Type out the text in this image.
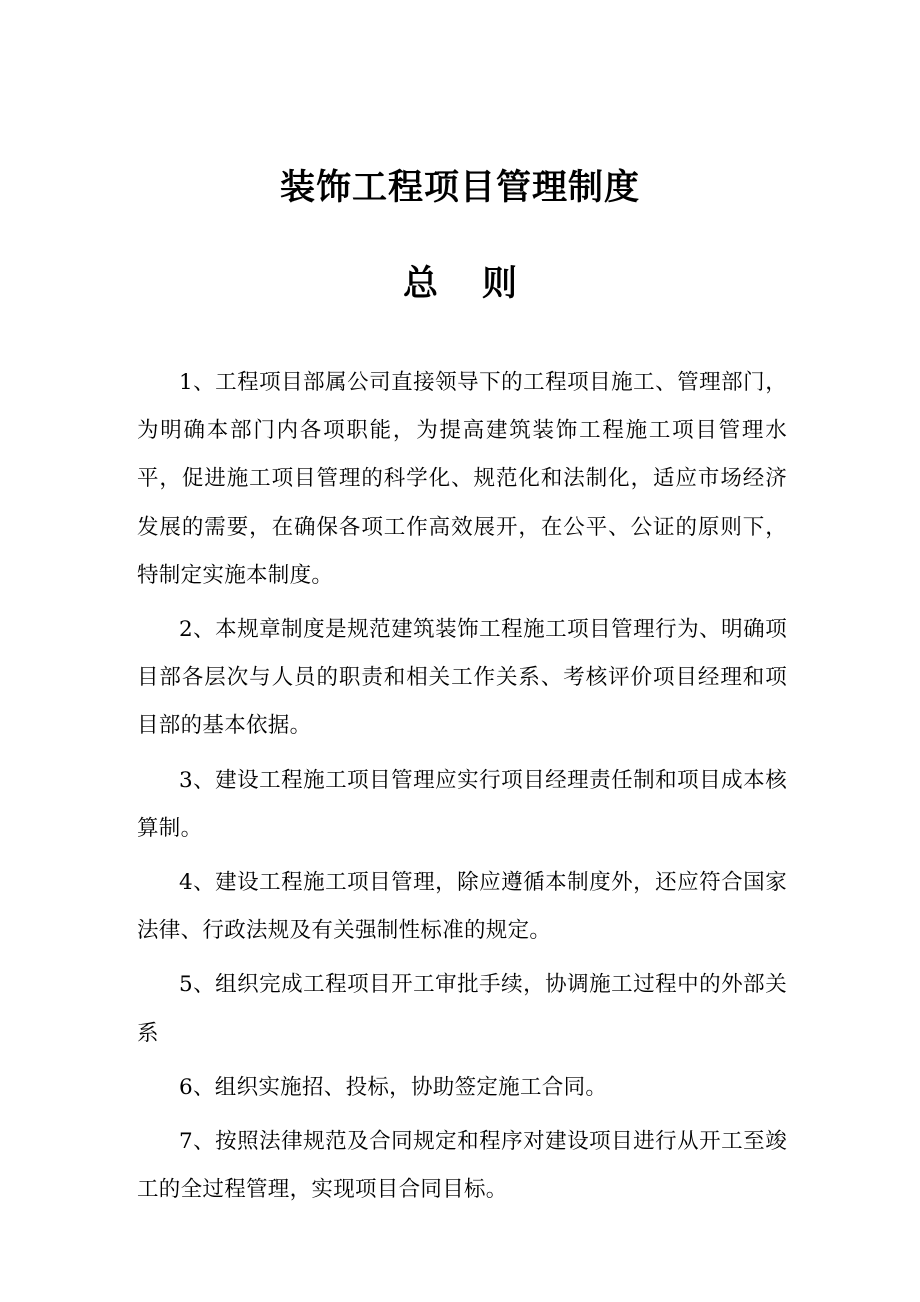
装饰工程项目管理制度
总 则

1、工程项目部属公司直接领导下的工程项目施工、管理部门，为明确本部门内各项职能，为提高建筑装饰工程施工项目管理水平，促进施工项目管理的科学化、规范化和法制化，适应市场经济发展的需要，在确保各项工作高效展开，在公平、公证的原则下，特制定实施本制度。

2、本规章制度是规范建筑装饰工程施工项目管理行为、明确项目部各层次与人员的职责和相关工作关系、考核评价项目经理和项目部的基本依据。

3、建设工程施工项目管理应实行项目经理责任制和项目成本核算制。

4、建设工程施工项目管理，除应遵循本制度外，还应符合国家法律、行政法规及有关强制性标准的规定。

5、组织完成工程项目开工审批手续，协调施工过程中的外部关系

6、组织实施招、投标，协助签定施工合同。

7、按照法律规范及合同规定和程序对建设项目进行从开工至竣工的全过程管理，实现项目合同目标。
